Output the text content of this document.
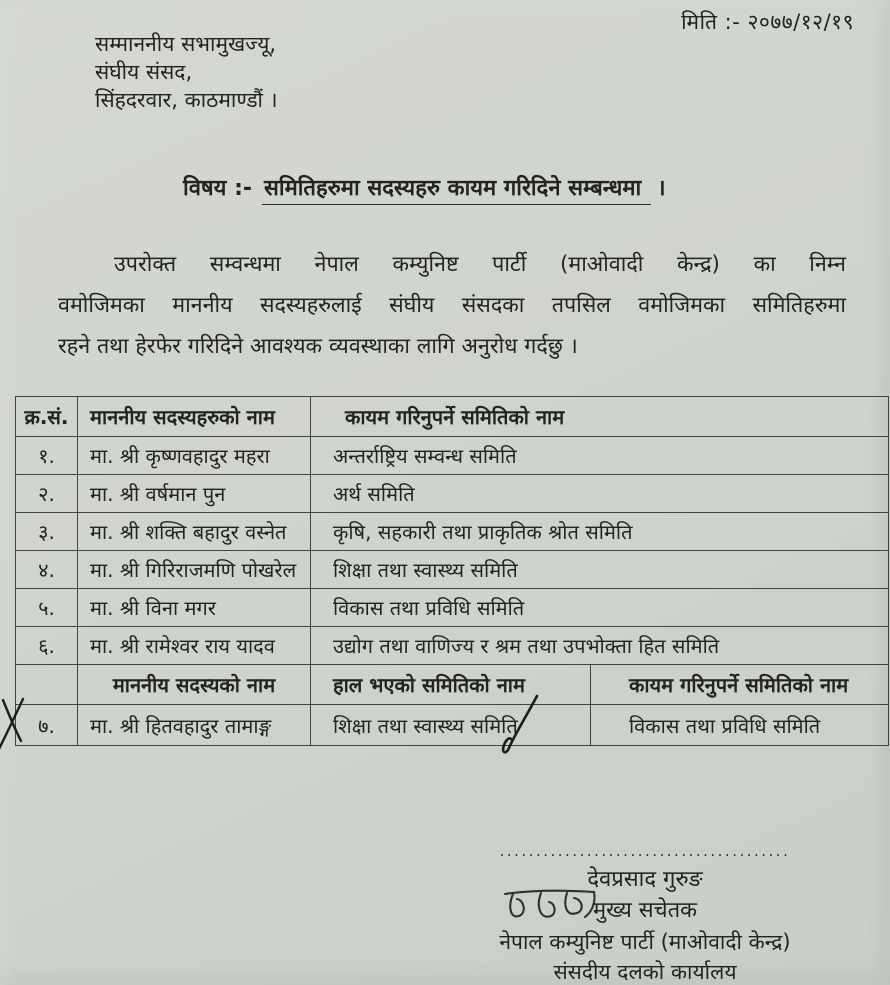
मिति :- २०७७/१२/१९
सम्माननीय सभामुखज्यू,
संघीय संसद,
सिंहदरवार, काठमाण्डौं ।
विषय :- समितिहरुमा सदस्यहरु कायम गरिदिने सम्बन्धमा ।
उपरोक्त सम्वन्धमा नेपाल कम्युनिष्ट पार्टी (माओवादी केन्द्र) का निम्न
वमोजिमका माननीय सदस्यहरुलाई संघीय संसदका तपसिल वमोजिमका समितिहरुमा
रहने तथा हेरफेर गरिदिने आवश्यक व्यवस्थाका लागि अनुरोध गर्दछु ।
क्र.सं.	माननीय सदस्यहरुको नाम	कायम गरिनुपर्ने समितिको नाम	
१.	मा. श्री कृष्णवहादुर महरा	अन्तर्राष्ट्रिय सम्वन्ध समिति	
२.	मा. श्री वर्षमान पुन	अर्थ समिति	
३.	मा. श्री शक्ति बहादुर वस्नेत	कृषि, सहकारी तथा प्राकृतिक श्रोत समिति	
४.	मा. श्री गिरिराजमणि पोखरेल	शिक्षा तथा स्वास्थ्य समिति	
५.	मा. श्री विना मगर	विकास तथा प्रविधि समिति	
६.	मा. श्री रामेश्वर राय यादव	उद्योग तथा वाणिज्य र श्रम तथा उपभोक्ता हित समिति	
	माननीय सदस्यको नाम	हाल भएको समितिको नाम	कायम गरिनुपर्ने समितिको नाम
७.	मा. श्री हितवहादुर तामाङ्ग	शिक्षा तथा स्वास्थ्य समिति	विकास तथा प्रविधि समिति
........................................
देवप्रसाद गुरुङ
मुख्य सचेतक
नेपाल कम्युनिष्ट पार्टी (माओवादी केन्द्र)
संसदीय दलको कार्यालय
